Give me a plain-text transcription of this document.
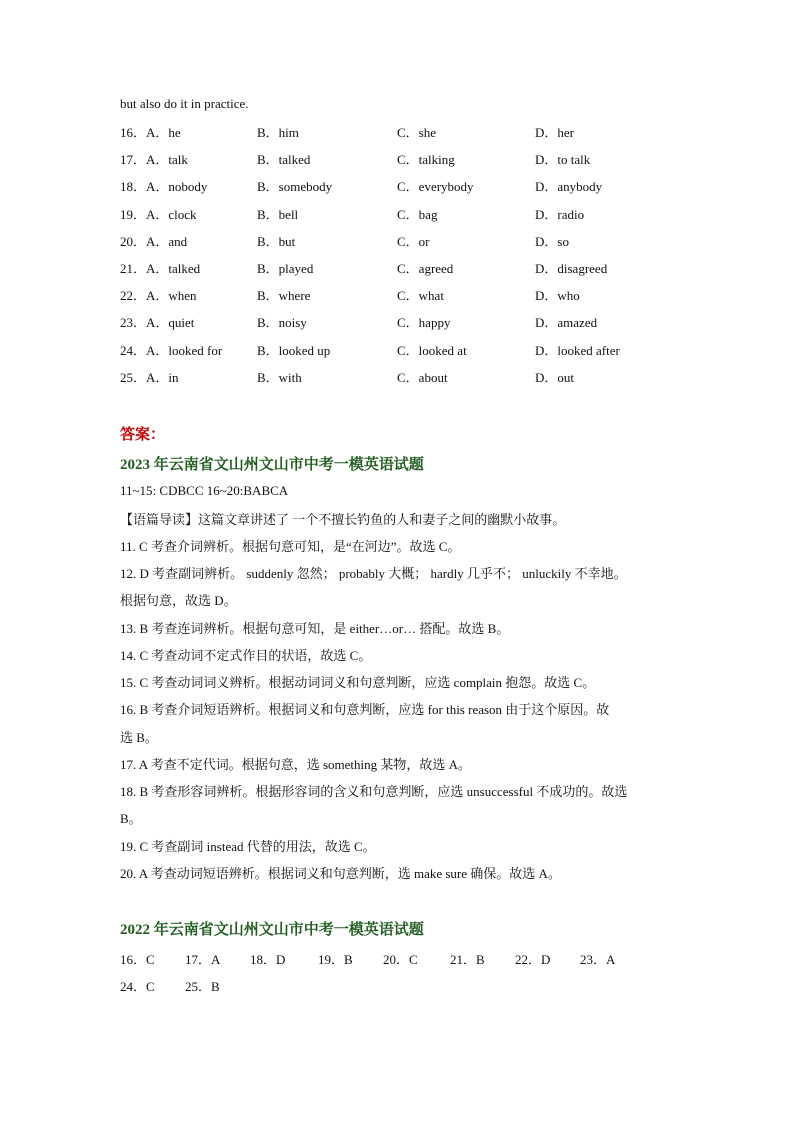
but also do it in practice.
16．A．he	B．him	C．she	D．her
17．A．talk	B．talked	C．talking	D．to talk
18．A．nobody	B．somebody	C．everybody	D．anybody
19．A．clock	B．bell	C．bag	D．radio
20．A．and	B．but	C．or	D．so
21．A．talked	B．played	C．agreed	D．disagreed
22．A．when	B．where	C．what	D．who
23．A．quiet	B．noisy	C．happy	D．amazed
24．A．looked for	B．looked up	C．looked at	D．looked after
25．A．in	B．with	C．about	D．out
答案：
2023 年云南省文山州文山市中考一模英语试题
11~15: CDBCC 16~20:BABCA
【语篇导读】这篇文章讲述了 一个不擅长钓鱼的人和妻子之间的幽默小故事。
11. C 考查介词辨析。根据句意可知，是“在河边”。故选 C。
12. D 考查副词辨析。 suddenly 忽然； probably 大概； hardly 几乎不； unluckily 不幸地。
根据句意，故选 D。
13. B 考查连词辨析。根据句意可知，是 either…or… 搭配。故选 B。
14. C 考查动词不定式作目的状语，故选 C。
15. C 考查动词词义辨析。根据动词词义和句意判断，应选 complain 抱怨。故选 C。
16. B 考查介词短语辨析。根据词义和句意判断，应选 for this reason 由于这个原因。故
选 B。
17. A 考查不定代词。根据句意，选 something 某物，故选 A。
18. B 考查形容词辨析。根据形容词的含义和句意判断，应选 unsuccessful 不成功的。故选
B。
19. C 考查副词 instead 代替的用法，故选 C。
20. A 考查动词短语辨析。根据词义和句意判断，选 make sure 确保。故选 A。
2022 年云南省文山州文山市中考一模英语试题
16．C 17．A 18．D	19．B 20．C 21．B 22．D 23．A
24．C 25．B
